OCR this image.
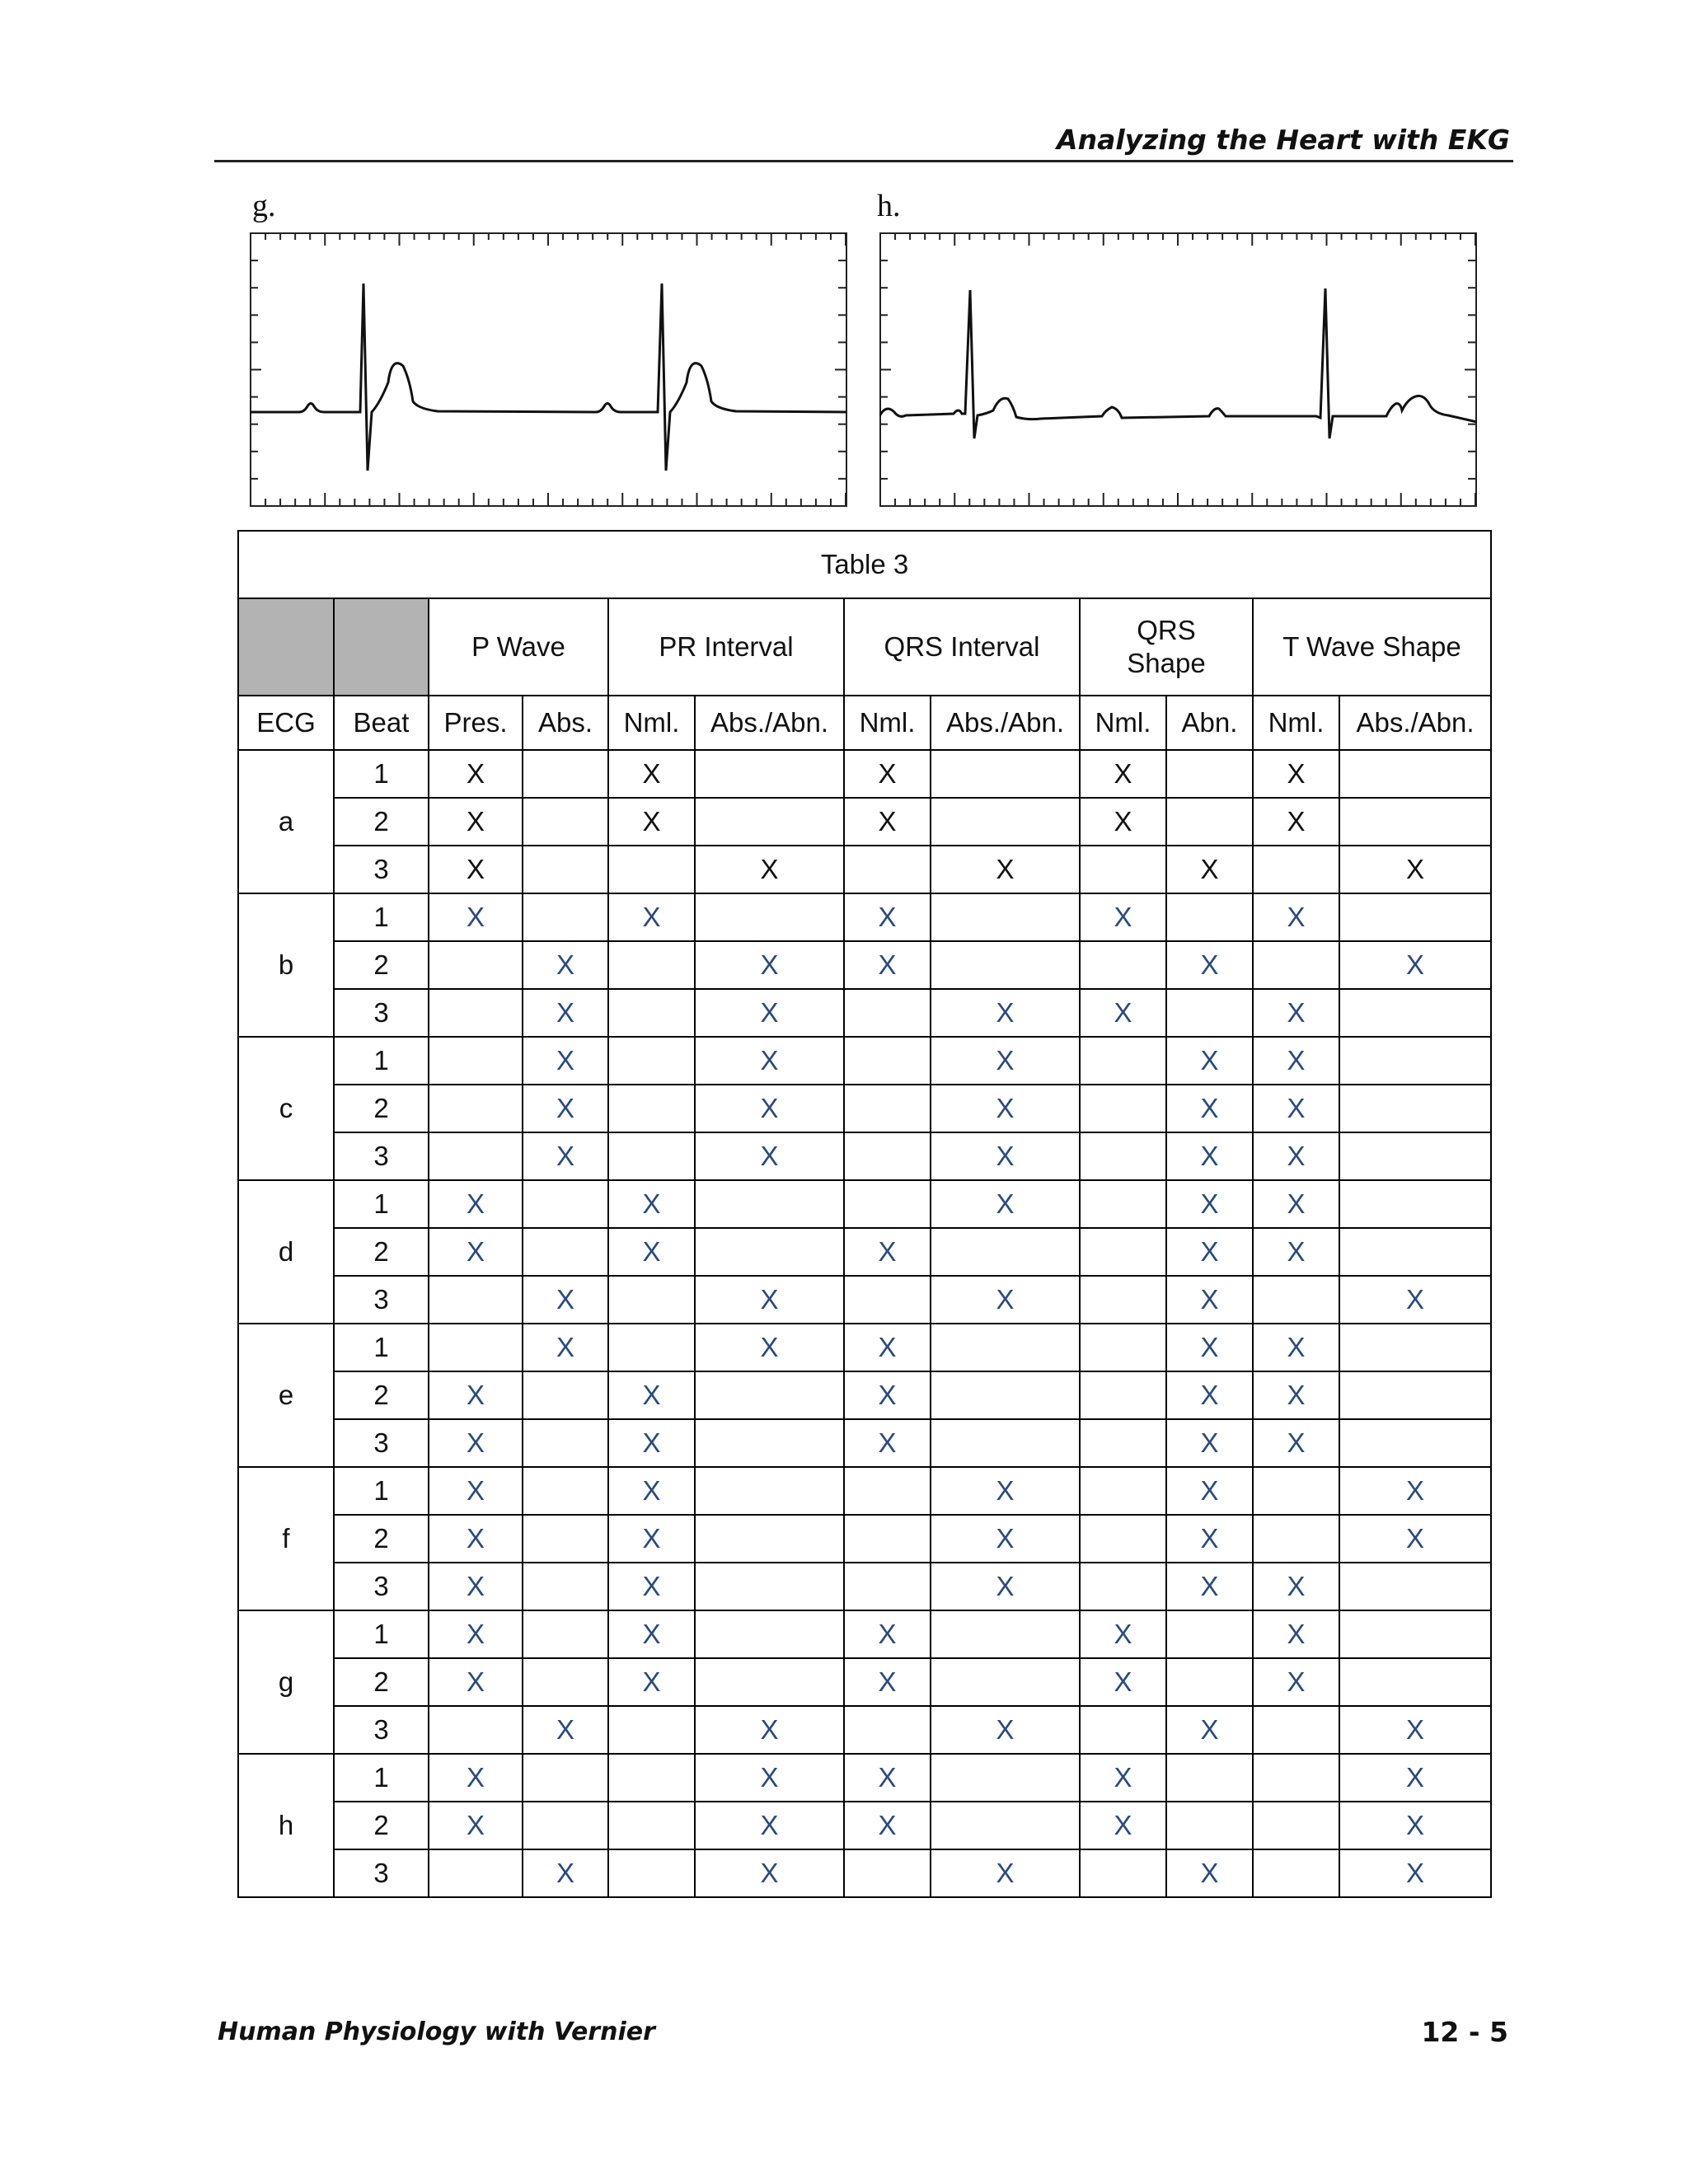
Analyzing the Heart with EKG
g.	h.
Table 3											
		P Wave		PR Interval		QRS Interval		QRS Shape		T Wave Shape	
ECG	Beat	Pres.	Abs.	Nml.	Abs./Abn.	Nml.	Abs./Abn.	Nml.	Abn.	Nml.	Abs./Abn.
a	1	X		X		X		X		X	
	2	X		X		X		X		X	
	3	X			X		X		X		X
b	1	X		X		X		X		X	
	2		X		X	X			X		X
	3		X		X		X	X		X	
c	1		X		X		X		X	X	
	2		X		X		X		X	X	
	3		X		X		X		X	X	
d	1	X		X			X		X	X	
	2	X		X		X			X	X	
	3		X		X		X		X		X
e	1		X		X	X			X	X	
	2	X		X		X			X	X	
	3	X		X		X			X	X	
f	1	X		X			X		X		X
	2	X		X			X		X		X
	3	X		X			X		X	X	
g	1	X		X		X		X		X	
	2	X		X		X		X		X	
	3		X		X		X		X		X
h	1	X			X	X		X			X
	2	X			X	X		X			X
	3		X		X		X		X		X
Human Physiology with Vernier	12 - 5
